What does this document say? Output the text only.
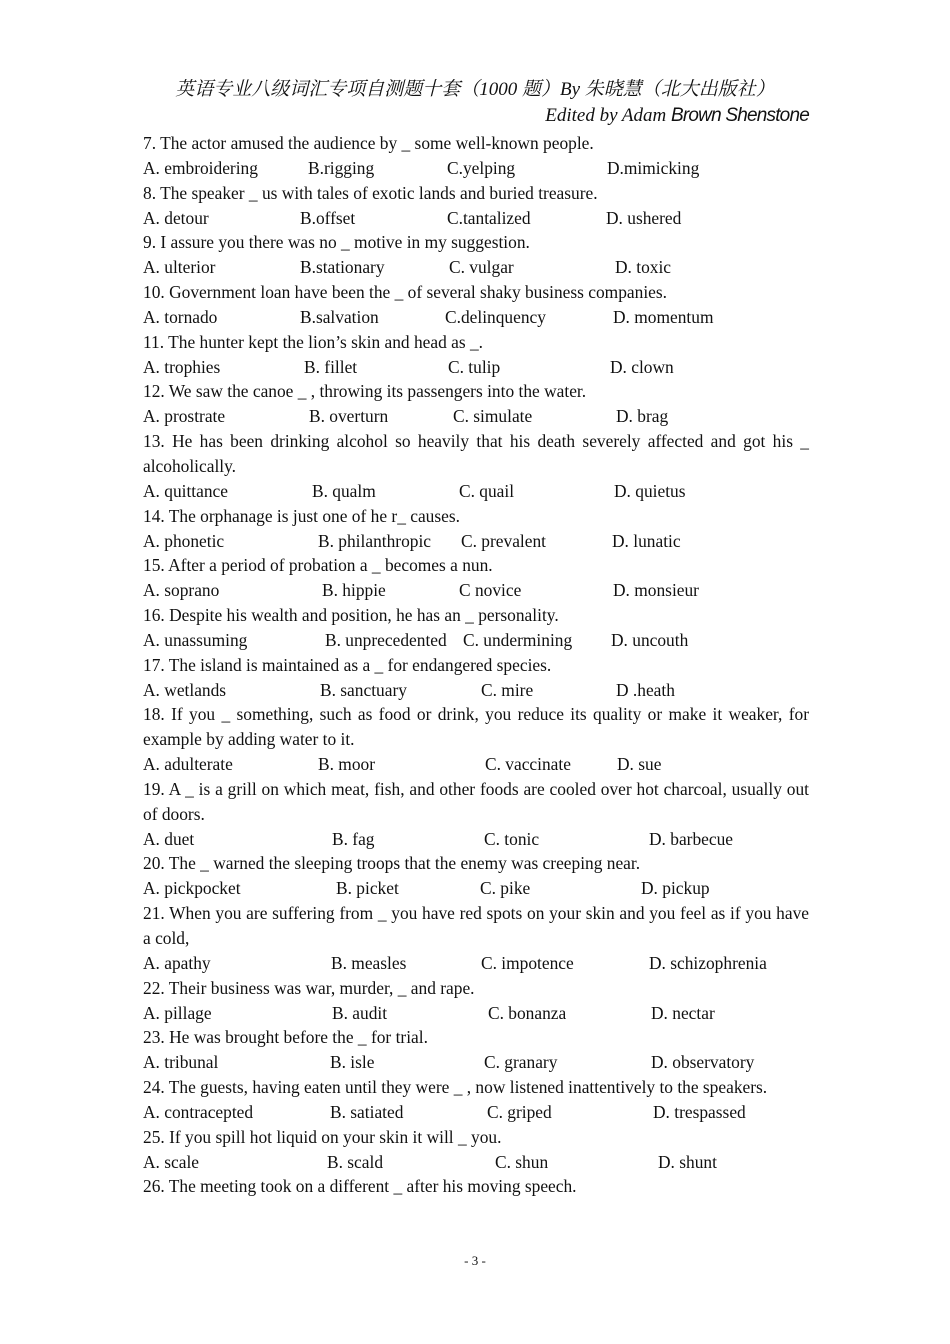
英语专业八级词汇专项自测题十套（1000 题）By 朱晓慧（北大出版社）
Edited by Adam Brown Shenstone
7. The actor amused the audience by _ some well-known people.
A. embroidering	B.rigging	C.yelping	D.mimicking
8. The speaker _ us with tales of exotic lands and buried treasure.
A. detour	B.offset	C.tantalized	D. ushered
9. I assure you there was no _ motive in my suggestion.
A. ulterior	B.stationary	C. vulgar	D. toxic
10. Government loan have been the _ of several shaky business companies.
A. tornado	B.salvation	C.delinquency	D. momentum
11. The hunter kept the lion’s skin and head as _.
A. trophies	B. fillet	C. tulip	D. clown
12. We saw the canoe _ , throwing its passengers into the water.
A. prostrate	B. overturn	C. simulate	D. brag
13. He has been drinking alcohol so heavily that his death severely affected and got his _ alcoholically.
A. quittance	B. qualm	C. quail	D. quietus
14. The orphanage is just one of he r_ causes.
A. phonetic	B. philanthropic C. prevalent	D. lunatic
15. After a period of probation a _ becomes a nun.
A. soprano	B. hippie	C novice	D. monsieur
16. Despite his wealth and position, he has an _ personality.
A. unassuming	B. unprecedented C. undermining D. uncouth
17. The island is maintained as a _ for endangered species.
A. wetlands	B. sanctuary	C. mire	D .heath
18. If you _ something, such as food or drink, you reduce its quality or make it weaker, for example by adding water to it.
A. adulterate	B. moor	C. vaccinate	D. sue
19. A _ is a grill on which meat, fish, and other foods are cooled over hot charcoal, usually out of doors.
A. duet	B. fag	C. tonic	D. barbecue
20. The _ warned the sleeping troops that the enemy was creeping near.
A. pickpocket	B. picket	C. pike	D. pickup
21. When you are suffering from _ you have red spots on your skin and you feel as if you have a cold,
A. apathy	B. measles	C. impotence	D. schizophrenia
22. Their business was war, murder, _ and rape.
A. pillage	B. audit	C. bonanza	D. nectar
23. He was brought before the _ for trial.
A. tribunal	B. isle	C. granary	D. observatory
24. The guests, having eaten until they were _ , now listened inattentively to the speakers.
A. contracepted	B. satiated	C. griped	D. trespassed
25. If you spill hot liquid on your skin it will _ you.
A. scale	B. scald	C. shun	D. shunt
26. The meeting took on a different _ after his moving speech.
- 3 -
